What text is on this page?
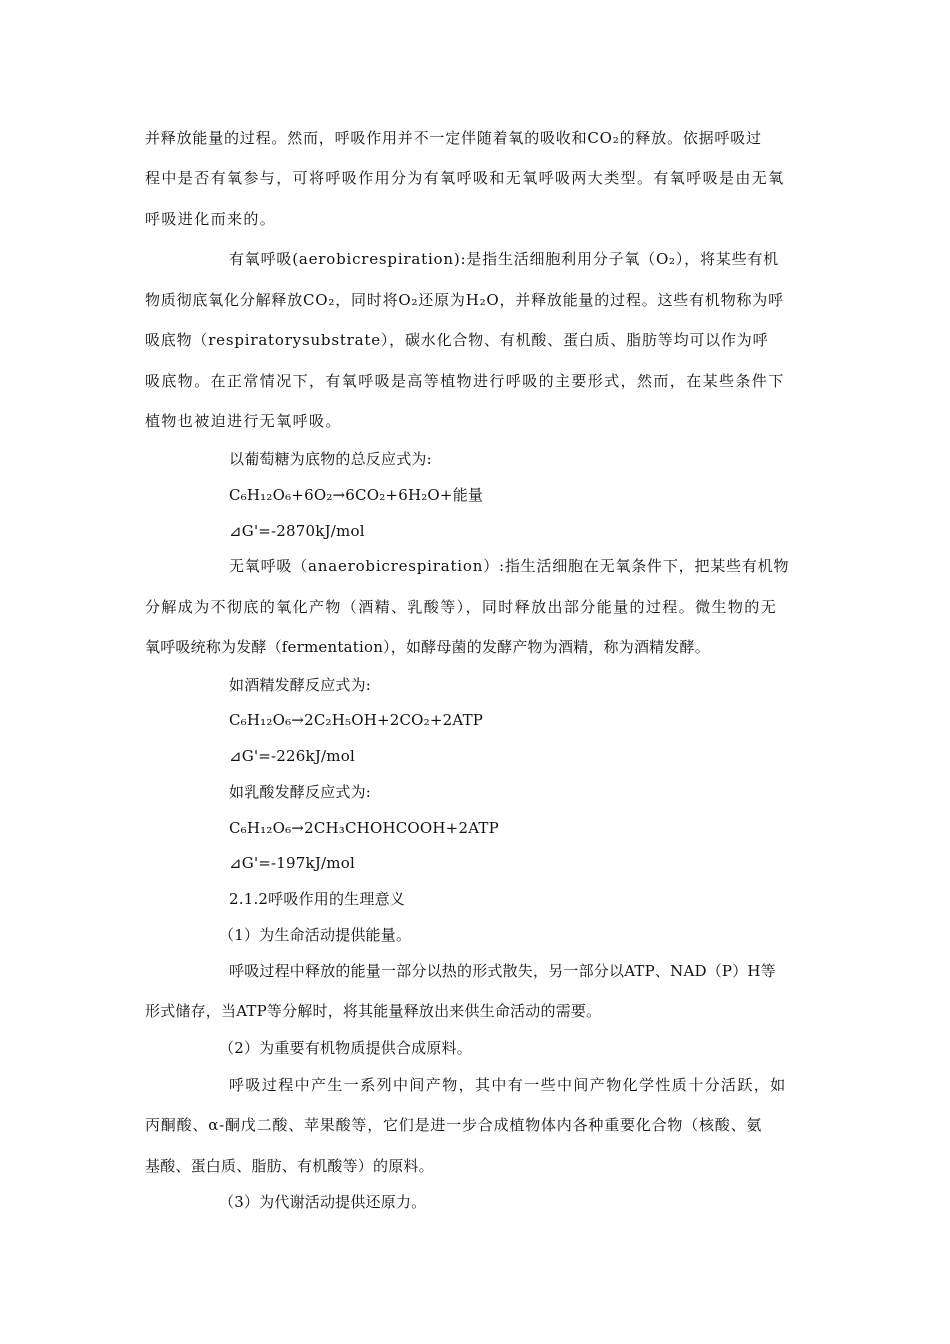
并释放能量的过程。然而，呼吸作用并不一定伴随着氧的吸收和CO₂的释放。依据呼吸过
程中是否有氧参与，可将呼吸作用分为有氧呼吸和无氧呼吸两大类型。有氧呼吸是由无氧
呼吸进化而来的。
有氧呼吸(aerobicrespiration):是指生活细胞利用分子氧（O₂），将某些有机
物质彻底氧化分解释放CO₂，同时将O₂还原为H₂O，并释放能量的过程。这些有机物称为呼
吸底物（respiratorysubstrate），碳水化合物、有机酸、蛋白质、脂肪等均可以作为呼
吸底物。在正常情况下，有氧呼吸是高等植物进行呼吸的主要形式，然而，在某些条件下
植物也被迫进行无氧呼吸。
以葡萄糖为底物的总反应式为:
C₆H₁₂O₆+6O₂→6CO₂+6H₂O+能量
⊿G'=-2870kJ/mol
无氧呼吸（anaerobicrespiration）:指生活细胞在无氧条件下，把某些有机物
分解成为不彻底的氧化产物（酒精、乳酸等），同时释放出部分能量的过程。微生物的无
氧呼吸统称为发酵（fermentation），如酵母菌的发酵产物为酒精，称为酒精发酵。
如酒精发酵反应式为:
C₆H₁₂O₆→2C₂H₅OH+2CO₂+2ATP
⊿G'=-226kJ/mol
如乳酸发酵反应式为:
C₆H₁₂O₆→2CH₃CHOHCOOH+2ATP
⊿G'=-197kJ/mol
2.1.2呼吸作用的生理意义
（1）为生命活动提供能量。
呼吸过程中释放的能量一部分以热的形式散失，另一部分以ATP、NAD（P）H等
形式储存，当ATP等分解时，将其能量释放出来供生命活动的需要。
（2）为重要有机物质提供合成原料。
呼吸过程中产生一系列中间产物，其中有一些中间产物化学性质十分活跃，如
丙酮酸、α-酮戊二酸、苹果酸等，它们是进一步合成植物体内各种重要化合物（核酸、氨
基酸、蛋白质、脂肪、有机酸等）的原料。
（3）为代谢活动提供还原力。
